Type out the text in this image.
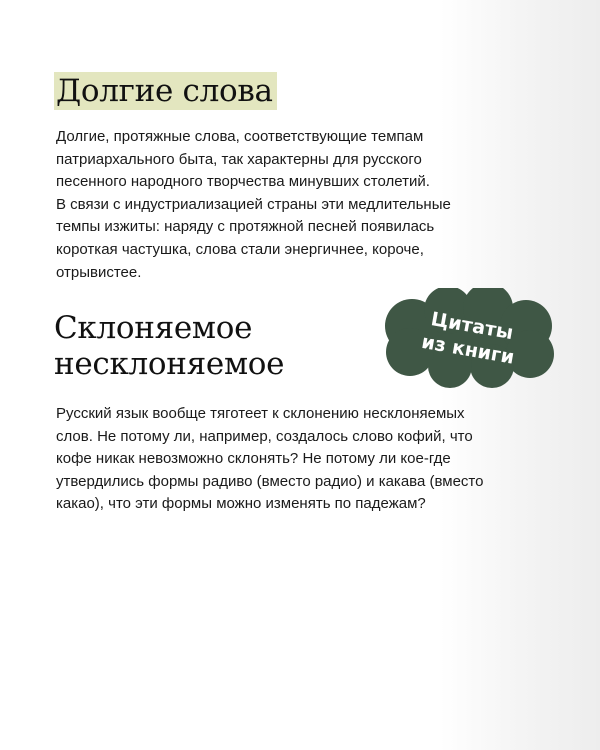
Долгие слова

Долгие, протяжные слова, соответствующие темпам
патриархального быта, так характерны для русского
песенного народного творчества минувших столетий.
В связи с индустриализацией страны эти медлительные
темпы изжиты: наряду с протяжной песней появилась
короткая частушка, слова стали энергичнее, короче,
отрывистее.

Склоняемое
несклоняемое
Цитаты
из книги

Русский язык вообще тяготеет к склонению несклоняемых
слов. Не потому ли, например, создалось слово кофий, что
кофе никак невозможно склонять? Не потому ли кое-где
утвердились формы радиво (вместо радио) и какава (вместо
какао), что эти формы можно изменять по падежам?
